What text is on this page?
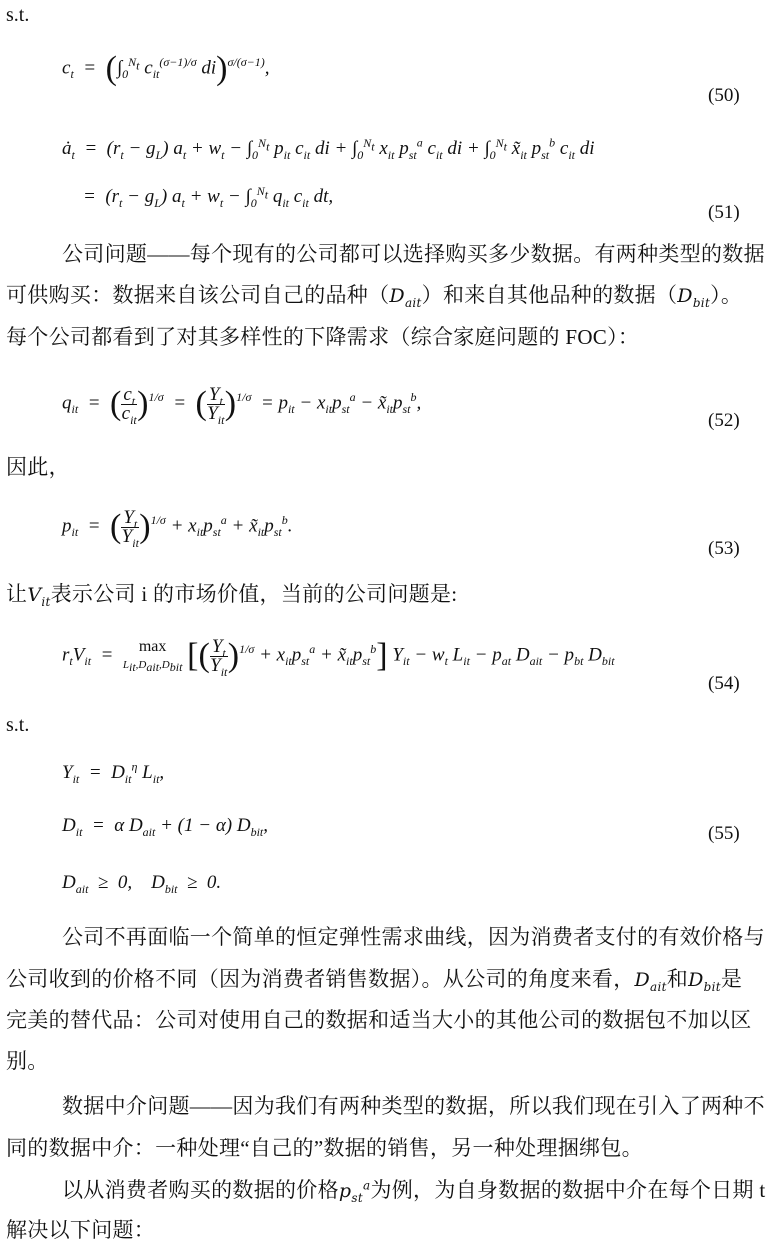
s.t.
$c_t = (\int_0^{N_t}$ $c_{it}^{(\sigma-1)/\sigma}$ di)$^{\sigma/(\sigma-1)}$,
(50)
$ȧ_t = (r_t - g_L) a_t + w_t - \int_0^{N_t}$ $p_{it}$ $c_{it}$ di + $\int_0^{N_t}$ $x_{it}$ $p_{st}^a$ $c_{it}$ di + $\int_0^{N_t}$ $x̃_{it}$ $p_{st}^b$ $c_{it}$ di
=  $(r_t - g_L) a_t + w_t - \int_0^{N_t}$ $q_{it}$ $c_{it}$ dt,
(51)
公司问题——每个现有的公司都可以选择购买多少数据。有两种类型的数据
可供购买：数据来自该公司自己的品种$(D_{ait})$和来自其他品种的数据$(D_{bit})$。
每个公司都看到了对其多样性的下降需求（综合家庭问题的 FOC）：
$q_{it}$  =  ( $\frac{c_t}{c_{it}} )^{1/\sigma}$  =  ( $\frac{Y_t}{Y_{it}} )^{1/\sigma} = p_{it} - x_{it}p_{st}^a$ − $x̃_{it}p_{st}^b$,
(52)
因此，
$p_{it}$  =  ( $\frac{Y_t}{Y_{it}} )^{1/\sigma} + x_{it}p_{st}^a$ + $x̃_{it}p_{st}^b$.
(53)
让$V_{it}$表示公司 i 的市场价值，当前的公司问题是:
$r_tV_{it}$  =	max
$L_{it},D_{ait},D_{bit}$ [( $\frac{Y_t}{Y_{it}} )^{1/\sigma} + x_{it}p_{st}^a$ + $x̃_{it}p_{st}^b$] $Y_{it} - w_t$ $L_{it} - p_{at}$ $D_{ait} - p_{bt}$ $D_{bit}$
(54)
s.t.
$Y_{it} = D_{it}^\eta$ $L_{it}$,
$D_{it} = \alpha$ $D_{ait} + (1 - \alpha)$ $D_{bit}$,	(55)
$D_{ait} \ge 0$,    $D_{bit} \ge 0$.
公司不再面临一个简单的恒定弹性需求曲线，因为消费者支付的有效价格与
公司收到的价格不同（因为消费者销售数据）。从公司的角度来看，$D_{ait}$和$D_{bit}$是
完美的替代品：公司对使用自己的数据和适当大小的其他公司的数据包不加以区
别。
数据中介问题——因为我们有两种类型的数据，所以我们现在引入了两种不
同的数据中介：一种处理“自己的”数据的销售，另一种处理捆绑包。
以从消费者购买的数据的价格$p_{st}^a$为例，为自身数据的数据中介在每个日期 t
解决以下问题：
